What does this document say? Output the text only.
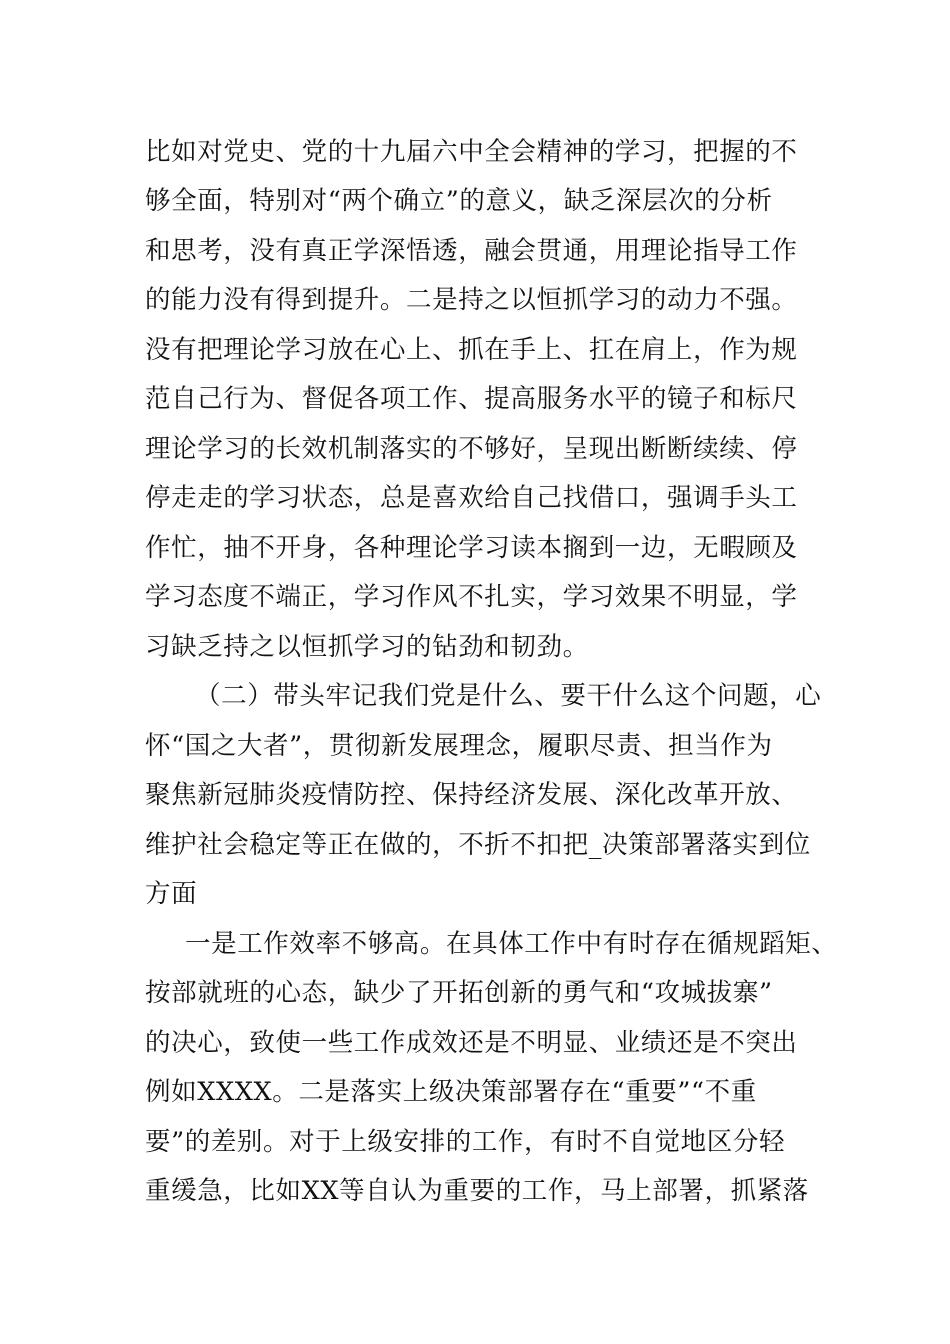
比如对党史、党的十九届六中全会精神的学习，把握的不
够全面，特别对“两个确立”的意义，缺乏深层次的分析
和思考，没有真正学深悟透，融会贯通，用理论指导工作
的能力没有得到提升。二是持之以恒抓学习的动力不强。
没有把理论学习放在心上、抓在手上、扛在肩上，作为规
范自己行为、督促各项工作、提高服务水平的镜子和标尺
理论学习的长效机制落实的不够好，呈现出断断续续、停
停走走的学习状态，总是喜欢给自己找借口，强调手头工
作忙，抽不开身，各种理论学习读本搁到一边，无暇顾及
学习态度不端正，学习作风不扎实，学习效果不明显，学
习缺乏持之以恒抓学习的钻劲和韧劲。
（二）带头牢记我们党是什么、要干什么这个问题，心
怀“国之大者”，贯彻新发展理念，履职尽责、担当作为
聚焦新冠肺炎疫情防控、保持经济发展、深化改革开放、
维护社会稳定等正在做的，不折不扣把_决策部署落实到位
方面
一是工作效率不够高。在具体工作中有时存在循规蹈矩、
按部就班的心态，缺少了开拓创新的勇气和“攻城拔寨”
的决心，致使一些工作成效还是不明显、业绩还是不突出
例如XXXX。二是落实上级决策部署存在“重要”“不重
要”的差别。对于上级安排的工作，有时不自觉地区分轻
重缓急，比如XX等自认为重要的工作，马上部署，抓紧落
